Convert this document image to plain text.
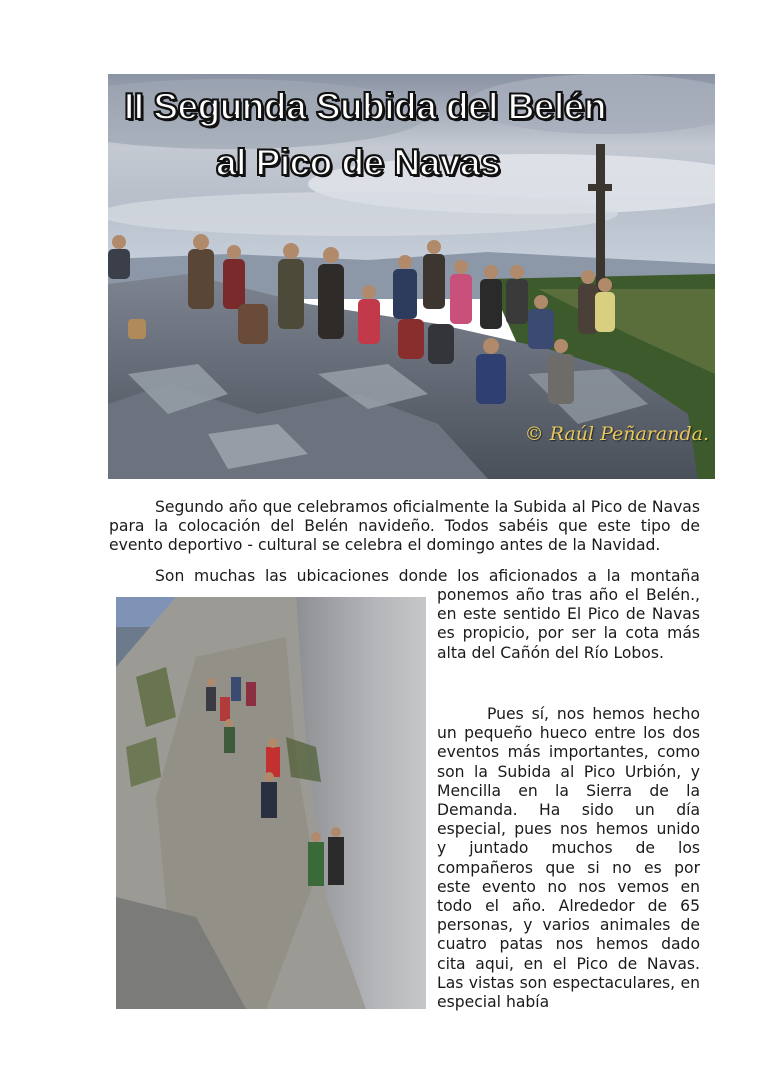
II Segunda Subida del Belén
al Pico de Navas
© Raúl Peñaranda.

Segundo año que celebramos oficialmente la Subida al Pico de Navas para la colocación del Belén navideño. Todos sabéis que este tipo de evento deportivo - cultural se celebra el domingo antes de la Navidad.

Son muchas las ubicaciones donde los aficionados a la montaña

ponemos año tras año el Belén., en este sentido El Pico de Navas es propicio, por ser la cota más alta del Cañón del Río Lobos.

Pues sí, nos hemos hecho un pequeño hueco entre los dos eventos más importantes, como son la Subida al Pico Urbión, y Mencilla en la Sierra de la Demanda. Ha sido un día especial, pues nos hemos unido y juntado muchos de los compañeros que si no es por este evento no nos vemos en todo el año. Alrededor de 65 personas, y varios animales de cuatro patas nos hemos dado cita aqui, en el Pico de Navas. Las vistas son espectaculares, en especial había
